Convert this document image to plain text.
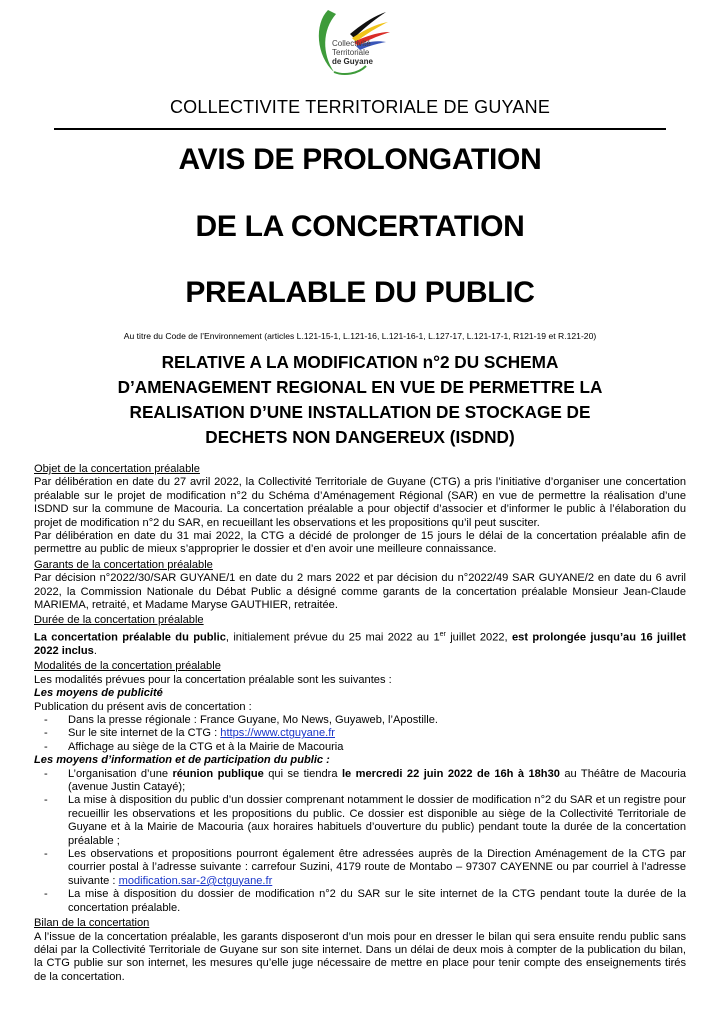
Collectivité
Territoriale
de Guyane
COLLECTIVITE TERRITORIALE DE GUYANE
AVIS DE PROLONGATION
DE LA CONCERTATION
PREALABLE DU PUBLIC
Au titre du Code de l’Environnement (articles L.121-15-1, L.121-16, L.121-16-1, L.127-17, L.121-17-1, R121-19 et R.121-20)
RELATIVE A LA MODIFICATION n°2 DU SCHEMA
D’AMENAGEMENT REGIONAL EN VUE DE PERMETTRE LA
REALISATION D’UNE INSTALLATION DE STOCKAGE DE
DECHETS NON DANGEREUX (ISDND)

Objet de la concertation préalable

Par délibération en date du 27 avril 2022, la Collectivité Territoriale de Guyane (CTG) a pris l’initiative d’organiser une concertation préalable sur le projet de modification n°2 du Schéma d’Aménagement Régional (SAR) en vue de permettre la réalisation d’une ISDND sur la commune de Macouria. La concertation préalable a pour objectif d’associer et d’informer le public à l’élaboration du projet de modification n°2 du SAR, en recueillant les observations et les propositions qu’il peut susciter.

Par délibération en date du 31 mai 2022, la CTG a décidé de prolonger de 15 jours le délai de la concertation préalable afin de permettre au public de mieux s’approprier le dossier et d’en avoir une meilleure connaissance.

Garants de la concertation préalable

Par décision n°2022/30/SAR GUYANE/1 en date du 2 mars 2022 et par décision du n°2022/49 SAR GUYANE/2 en date du 6 avril 2022, la Commission Nationale du Débat Public a désigné comme garants de la concertation préalable Monsieur Jean-Claude MARIEMA, retraité, et Madame Maryse GAUTHIER, retraitée.

Durée de la concertation préalable

La concertation préalable du public, initialement prévue du 25 mai 2022 au 1er juillet 2022, est prolongée jusqu’au 16 juillet 2022 inclus.

Modalités de la concertation préalable

Les modalités prévues pour la concertation préalable sont les suivantes :

Les moyens de publicité

Publication du présent avis de concertation :

- Dans la presse régionale : France Guyane, Mo News, Guyaweb, l’Apostille.
- Sur le site internet de la CTG : https://www.ctguyane.fr
- Affichage au siège de la CTG et à la Mairie de Macouria

Les moyens d’information et de participation du public :

- L’organisation d’une réunion publique qui se tiendra le mercredi 22 juin 2022 de 16h à 18h30 au Théâtre de Macouria (avenue Justin Catayé);
- La mise à disposition du public d’un dossier comprenant notamment le dossier de modification n°2 du SAR et un registre pour recueillir les observations et les propositions du public. Ce dossier est disponible au siège de la Collectivité Territoriale de Guyane et à la Mairie de Macouria (aux horaires habituels d’ouverture du public) pendant toute la durée de la concertation préalable ;
- Les observations et propositions pourront également être adressées auprès de la Direction Aménagement de la CTG par courrier postal à l’adresse suivante : carrefour Suzini, 4179 route de Montabo – 97307 CAYENNE ou par courriel à l’adresse suivante : modification.sar-2@ctguyane.fr
- La mise à disposition du dossier de modification n°2 du SAR sur le site internet de la CTG pendant toute la durée de la concertation préalable.

Bilan de la concertation

A l’issue de la concertation préalable, les garants disposeront d’un mois pour en dresser le bilan qui sera ensuite rendu public sans délai par la Collectivité Territoriale de Guyane sur son site internet. Dans un délai de deux mois à compter de la publication du bilan, la CTG publie sur son internet, les mesures qu’elle juge nécessaire de mettre en place pour tenir compte des enseignements tirés de la concertation.
